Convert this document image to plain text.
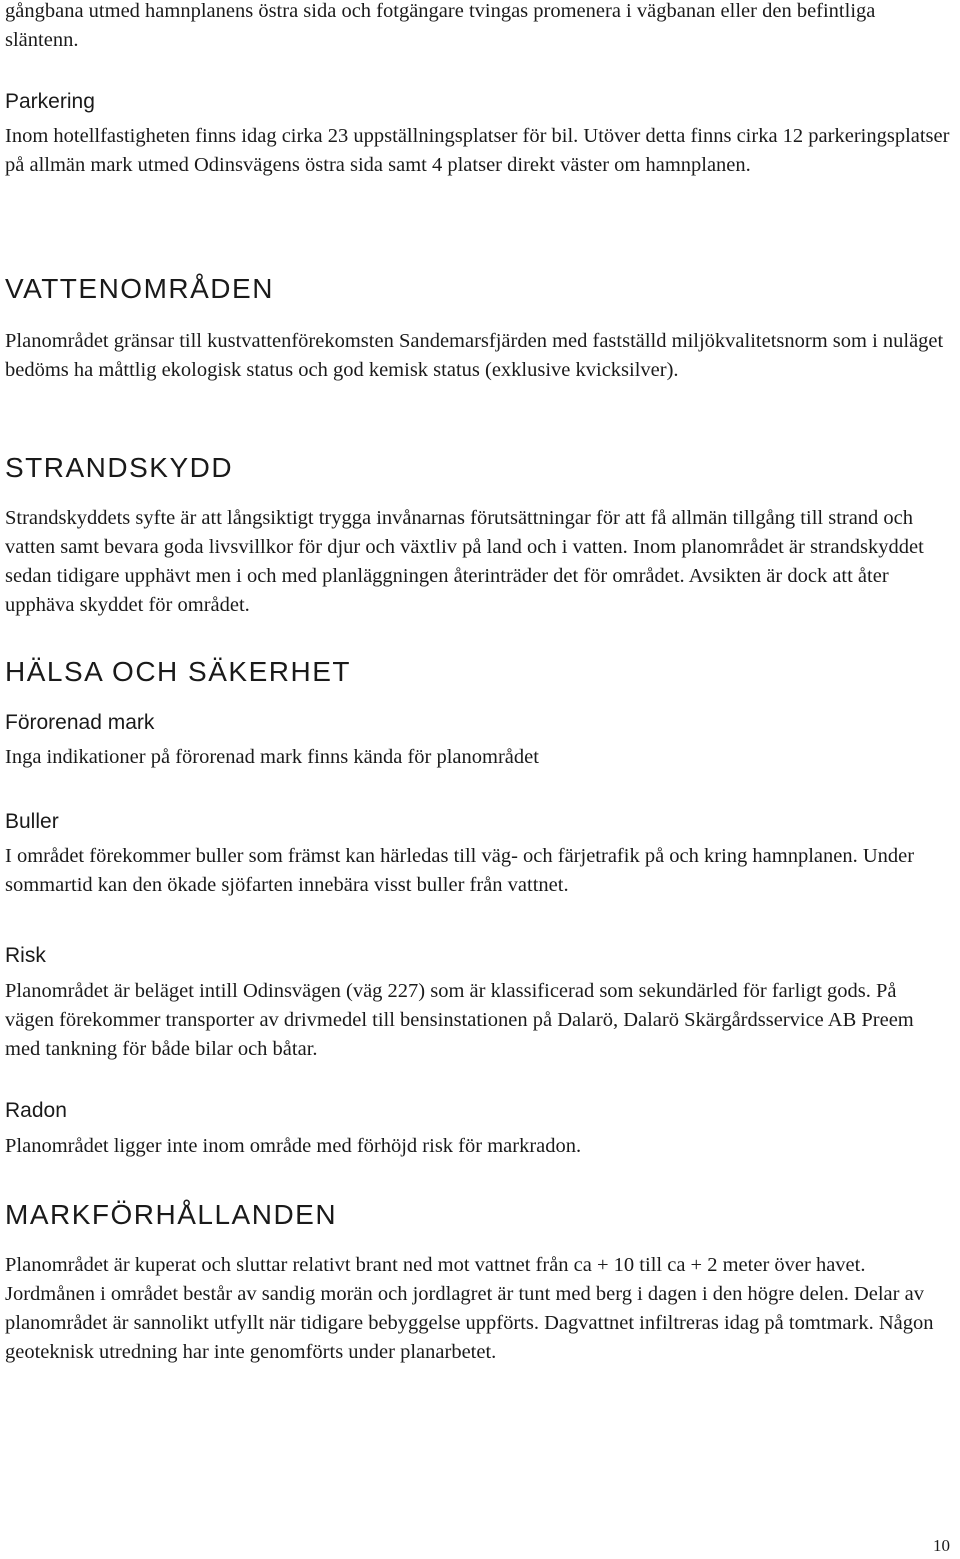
gångbana utmed hamnplanens östra sida och fotgängare tvingas promenera i vägbanan eller den befintliga släntenn.

Parkering

Inom hotellfastigheten finns idag cirka 23 uppställningsplatser för bil. Utöver detta finns cirka 12 parkeringsplatser på allmän mark utmed Odinsvägens östra sida samt 4 platser direkt väster om hamnplanen.

VATTENOMRÅDEN

Planområdet gränsar till kustvattenförekomsten Sandemarsfjärden med fastställd miljökvalitetsnorm som i nuläget bedöms ha måttlig ekologisk status och god kemisk status (exklusive kvicksilver).

STRANDSKYDD

Strandskyddets syfte är att långsiktigt trygga invånarnas förutsättningar för att få allmän tillgång till strand och vatten samt bevara goda livsvillkor för djur och växtliv på land och i vatten. Inom planområdet är strandskyddet sedan tidigare upphävt men i och med planläggningen återinträder det för området. Avsikten är dock att åter upphäva skyddet för området.

HÄLSA OCH SÄKERHET
Förorenad mark

Inga indikationer på förorenad mark finns kända för planområdet

Buller

I området förekommer buller som främst kan härledas till väg- och färjetrafik på och kring hamnplanen. Under sommartid kan den ökade sjöfarten innebära visst buller från vattnet.

Risk

Planområdet är beläget intill Odinsvägen (väg 227) som är klassificerad som sekundärled för farligt gods. På vägen förekommer transporter av drivmedel till bensinstationen på Dalarö, Dalarö Skärgårdsservice AB Preem med tankning för både bilar och båtar.

Radon

Planområdet ligger inte inom område med förhöjd risk för markradon.

MARKFÖRHÅLLANDEN

Planområdet är kuperat och sluttar relativt brant ned mot vattnet från ca + 10 till ca + 2 meter över havet. Jordmånen i området består av sandig morän och jordlagret är tunt med berg i dagen i den högre delen. Delar av planområdet är sannolikt utfyllt när tidigare bebyggelse uppförts. Dagvattnet infiltreras idag på tomtmark. Någon geoteknisk utredning har inte genomförts under planarbetet.

10
